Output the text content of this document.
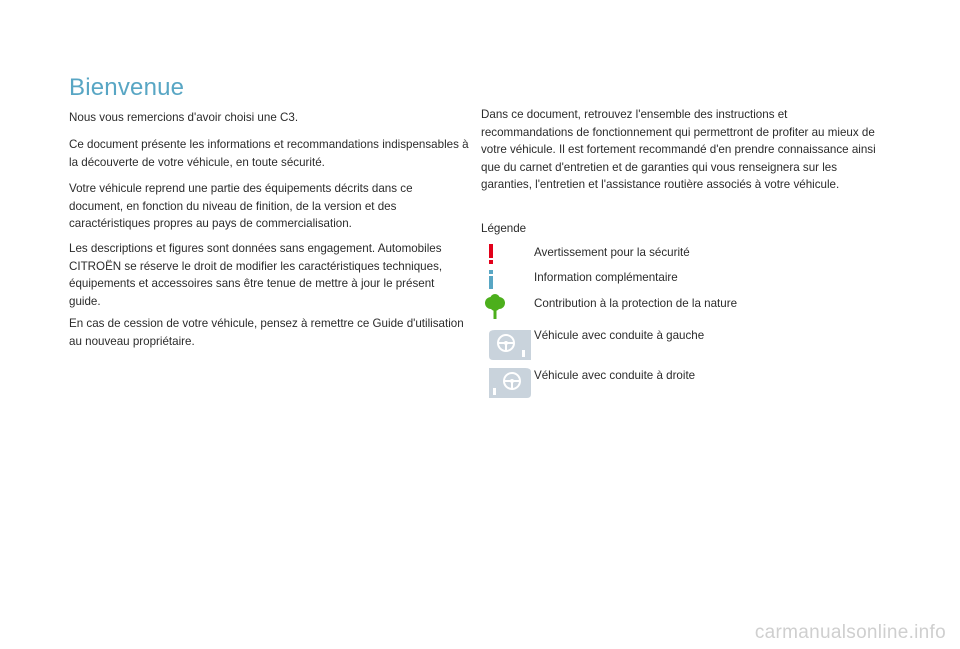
Bienvenue

Nous vous remercions d'avoir choisi une C3.

Ce document présente les informations et recommandations indispensables à la découverte de votre véhicule, en toute sécurité.

Votre véhicule reprend une partie des équipements décrits dans ce document, en fonction du niveau de finition, de la version et des caractéristiques propres au pays de commercialisation.

Les descriptions et figures sont données sans engagement. Automobiles CITROËN se réserve le droit de modifier les caractéristiques techniques, équipements et accessoires sans être tenue de mettre à jour le présent guide.

En cas de cession de votre véhicule, pensez à remettre ce Guide d'utilisation au nouveau propriétaire.

Dans ce document, retrouvez l'ensemble des instructions et recommandations de fonctionnement qui permettront de profiter au mieux de votre véhicule. Il est fortement recommandé d'en prendre connaissance ainsi que du carnet d'entretien et de garanties qui vous renseignera sur les garanties, l'entretien et l'assistance routière associés à votre véhicule.

Légende
Avertissement pour la sécurité
Information complémentaire
Contribution à la protection de la nature
Véhicule avec conduite à gauche
Véhicule avec conduite à droite
carmanualsonline.info
